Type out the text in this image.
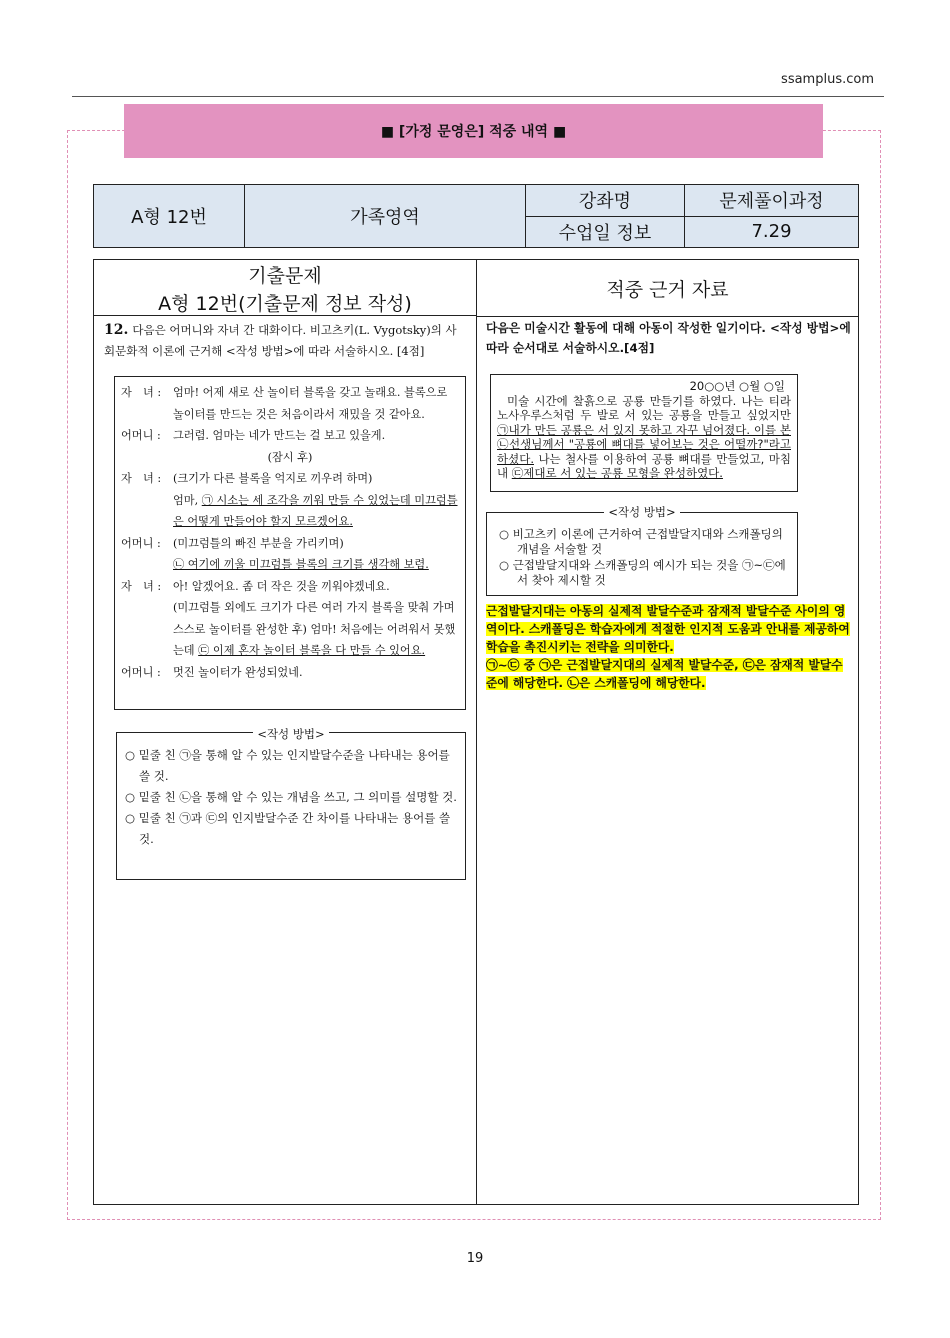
ssamplus.com
■ [가정 문영은] 적중 내역 ■
A형 12번	가족영역	강좌명	문제풀이과정
		수업일 정보	7.29
기출문제
A형 12번(기출문제 정보 작성)
적중 근거 자료
12. 다음은 어머니와 자녀 간 대화이다. 비고츠키(L. Vygotsky)의 사회문화적 이론에 근거해 <작성 방법>에 따라 서술하시오. [4점]
자　녀 :	엄마! 어제 새로 산 놀이터 블록을 갖고 놀래요. 블록으로 놀이터를 만드는 것은 처음이라서 재밌을 것 같아요.
어머니 :	그러렴. 엄마는 네가 만드는 걸 보고 있을게.
(잠시 후)
자　녀 :	(크기가 다른 블록을 억지로 끼우려 하며)
엄마, ㉠ 시소는 세 조각을 끼워 만들 수 있었는데 미끄럼틀은 어떻게 만들어야 할지 모르겠어요.
어머니 :	(미끄럼틀의 빠진 부분을 가리키며)
㉡ 여기에 끼울 미끄럼틀 블록의 크기를 생각해 보렴.
자　녀 :	아! 알겠어요. 좀 더 작은 것을 끼워야겠네요.
(미끄럼틀 외에도 크기가 다른 여러 가지 블록을 맞춰 가며 스스로 놀이터를 완성한 후) 엄마! 처음에는 어려워서 못했는데 ㉢ 이제 혼자 놀이터 블록을 다 만들 수 있어요.
어머니 :	멋진 놀이터가 완성되었네.
<작성 방법>
○ 밑줄 친 ㉠을 통해 알 수 있는 인지발달수준을 나타내는 용어를 쓸 것.
○ 밑줄 친 ㉡을 통해 알 수 있는 개념을 쓰고, 그 의미를 설명할 것.
○ 밑줄 친 ㉠과 ㉢의 인지발달수준 간 차이를 나타내는 용어를 쓸 것.
다음은 미술시간 활동에 대해 아동이 작성한 일기이다. <작성 방법>에 따라 순서대로 서술하시오.[4점]
20○○년 ○월 ○일
미술 시간에 찰흙으로 공룡 만들기를 하였다. 나는 티라노사우루스처럼 두 발로 서 있는 공룡을 만들고 싶었지만 ㉠내가 만든 공룡은 서 있지 못하고 자꾸 넘어졌다. 이를 본 ㉡선생님께서 "공룡에 뼈대를 넣어보는 것은 어떨까?"라고 하셨다. 나는 철사를 이용하여 공룡 뼈대를 만들었고, 마침내 ㉢제대로 서 있는 공룡 모형을 완성하였다.
<작성 방법>
○ 비고츠키 이론에 근거하여 근접발달지대와 스캐폴딩의 개념을 서술할 것
○ 근접발달지대와 스캐폴딩의 예시가 되는 것을 ㉠~㉢에서 찾아 제시할 것
근접발달지대는 아동의 실제적 발달수준과 잠재적 발달수준 사이의 영역이다. 스캐폴딩은 학습자에게 적절한 인지적 도움과 안내를 제공하여 학습을 촉진시키는 전략을 의미한다.
㉠~㉢ 중 ㉠은 근접발달지대의 실제적 발달수준, ㉢은 잠재적 발달수준에 해당한다. ㉡은 스캐폴딩에 해당한다.
19
